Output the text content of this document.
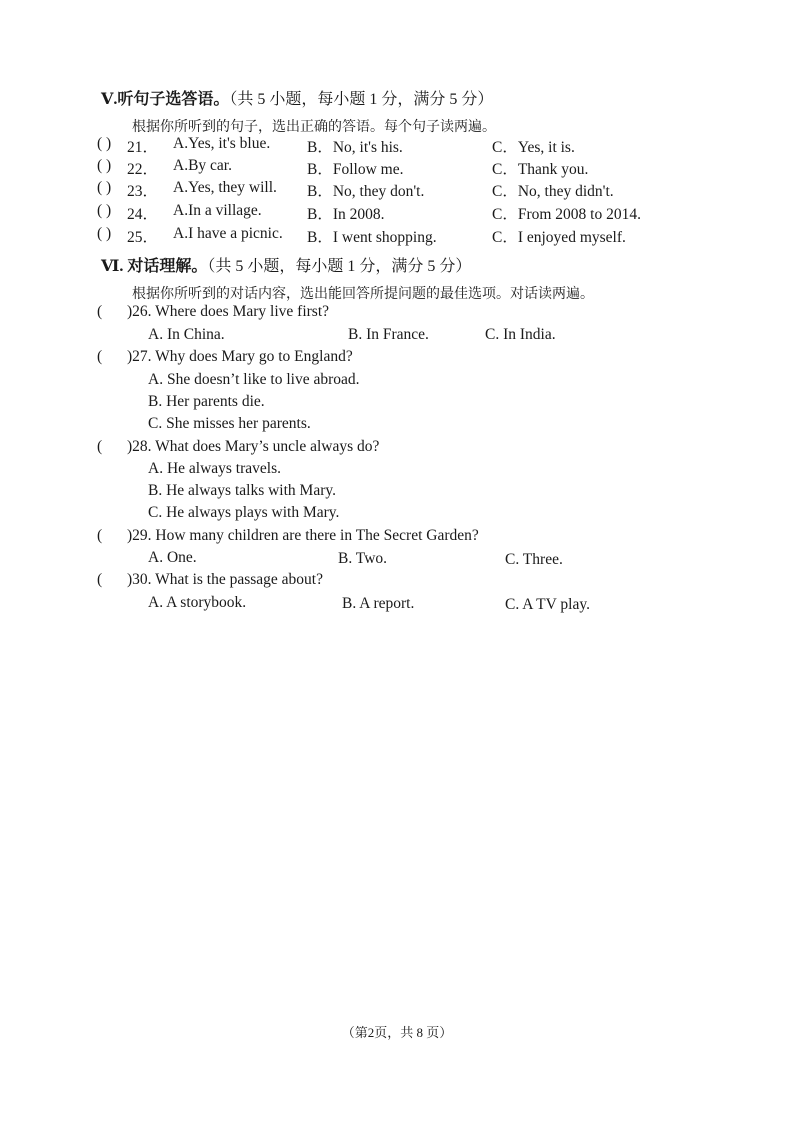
Ⅴ.听句子选答语。（共 5 小题，每小题 1 分，满分 5 分）
根据你所听到的句子，选出正确的答语。每个句子读两遍。
( ) 21． A.Yes, it's blue. B．No, it's his.	C．Yes, it is.
( ) 22． A.By car.	B．Follow me.	C．Thank you.
( ) 23． A.Yes, they will. B．No, they don't.	C．No, they didn't.
( ) 24． A.In a village.	B．In 2008.	C．From 2008 to 2014.
( ) 25． A.I have a picnic. B．I went shopping.	C．I enjoyed myself.
Ⅵ. 对话理解。（共 5 小题，每小题 1 分，满分 5 分）
根据你所听到的对话内容，选出能回答所提问题的最佳选项。对话读两遍。
( )26. Where does Mary live first?
A. In China.	B. In France.	C. In India.
( )27. Why does Mary go to England?
A. She doesn’t like to live abroad.
B. Her parents die.
C. She misses her parents.
( )28. What does Mary’s uncle always do?
A. He always travels.
B. He always talks with Mary.
C. He always plays with Mary.
( )29. How many children are there in The Secret Garden?
A. One.	B. Two.	C. Three.
( )30. What is the passage about?
A. A storybook.	B. A report.	C. A TV play.
（第2页，共 8 页）
